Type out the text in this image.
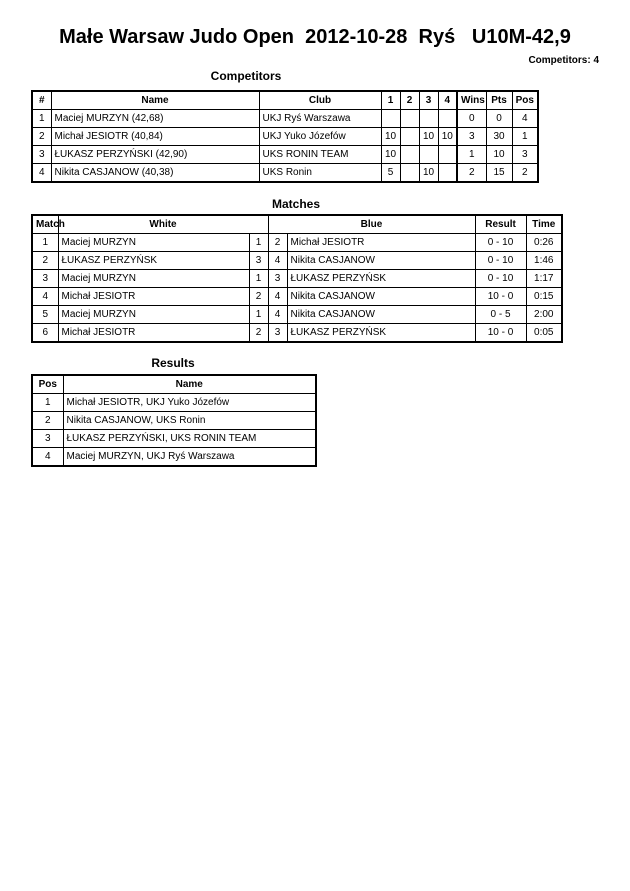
Małe Warsaw Judo Open  2012-10-28  Ryś   U10M-42,9
Competitors: 4
Competitors
#	Name	Club	1	2	3	4	Wins	Pts	Pos
1	Maciej MURZYN (42,68)	UKJ Ryś Warszawa					0	0	4
2	Michał JESIOTR (40,84)	UKJ Yuko Józefów	10		10	10	3	30	1
3	ŁUKASZ PERZYŃSKI (42,90)	UKS RONIN TEAM	10				1	10	3
4	Nikita CASJANOW (40,38)	UKS Ronin	5		10		2	15	2
Matches
Match	White		Blue		Result	Time
1	Maciej MURZYN	1	2	Michał JESIOTR	0 - 10	0:26
2	ŁUKASZ PERZYŃSK	3	4	Nikita CASJANOW	0 - 10	1:46
3	Maciej MURZYN	1	3	ŁUKASZ PERZYŃSK	0 - 10	1:17
4	Michał JESIOTR	2	4	Nikita CASJANOW	10 - 0	0:15
5	Maciej MURZYN	1	4	Nikita CASJANOW	0 - 5	2:00
6	Michał JESIOTR	2	3	ŁUKASZ PERZYŃSK	10 - 0	0:05
Results
Pos	Name
1	Michał JESIOTR, UKJ Yuko Józefów
2	Nikita CASJANOW, UKS Ronin
3	ŁUKASZ PERZYŃSKI, UKS RONIN TEAM
4	Maciej MURZYN, UKJ Ryś Warszawa
